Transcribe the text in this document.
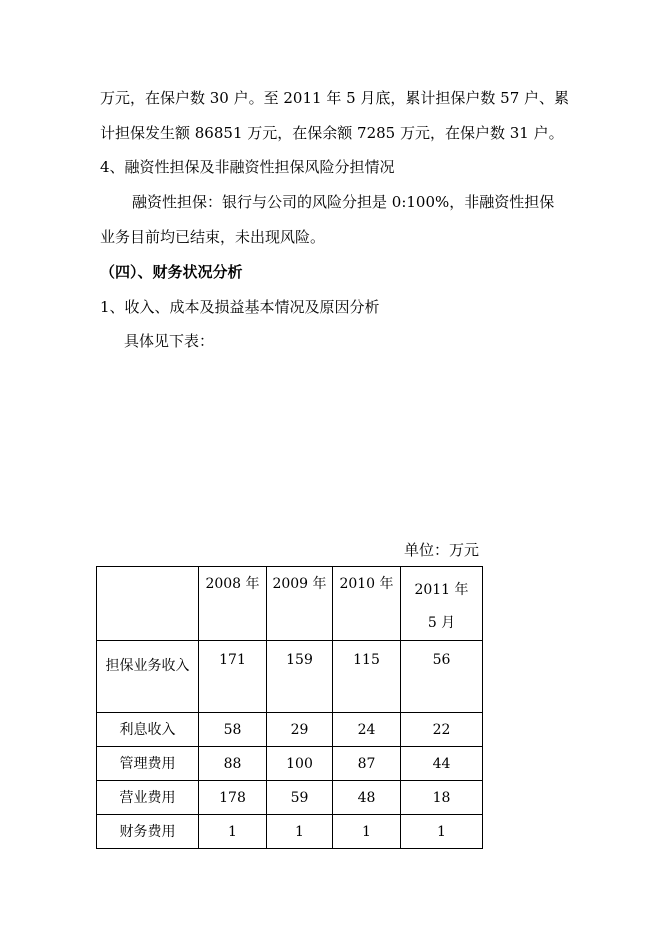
万元，在保户数 30 户。至 2011 年 5 月底，累计担保户数 57 户、累
计担保发生额 86851 万元，在保余额 7285 万元，在保户数 31 户。
4、融资性担保及非融资性担保风险分担情况
融资性担保：银行与公司的风险分担是 0:100%，非融资性担保
业务目前均已结束，未出现风险。
（四）、财务状况分析
1、收入、成本及损益基本情况及原因分析
具体见下表：
单位：万元
	2008 年	2009 年	2010 年	2011 年 5 月
担保业务收入	171	159	115	56
利息收入	58	29	24	22
管理费用	88	100	87	44
营业费用	178	59	48	18
财务费用	1	1	1	1
